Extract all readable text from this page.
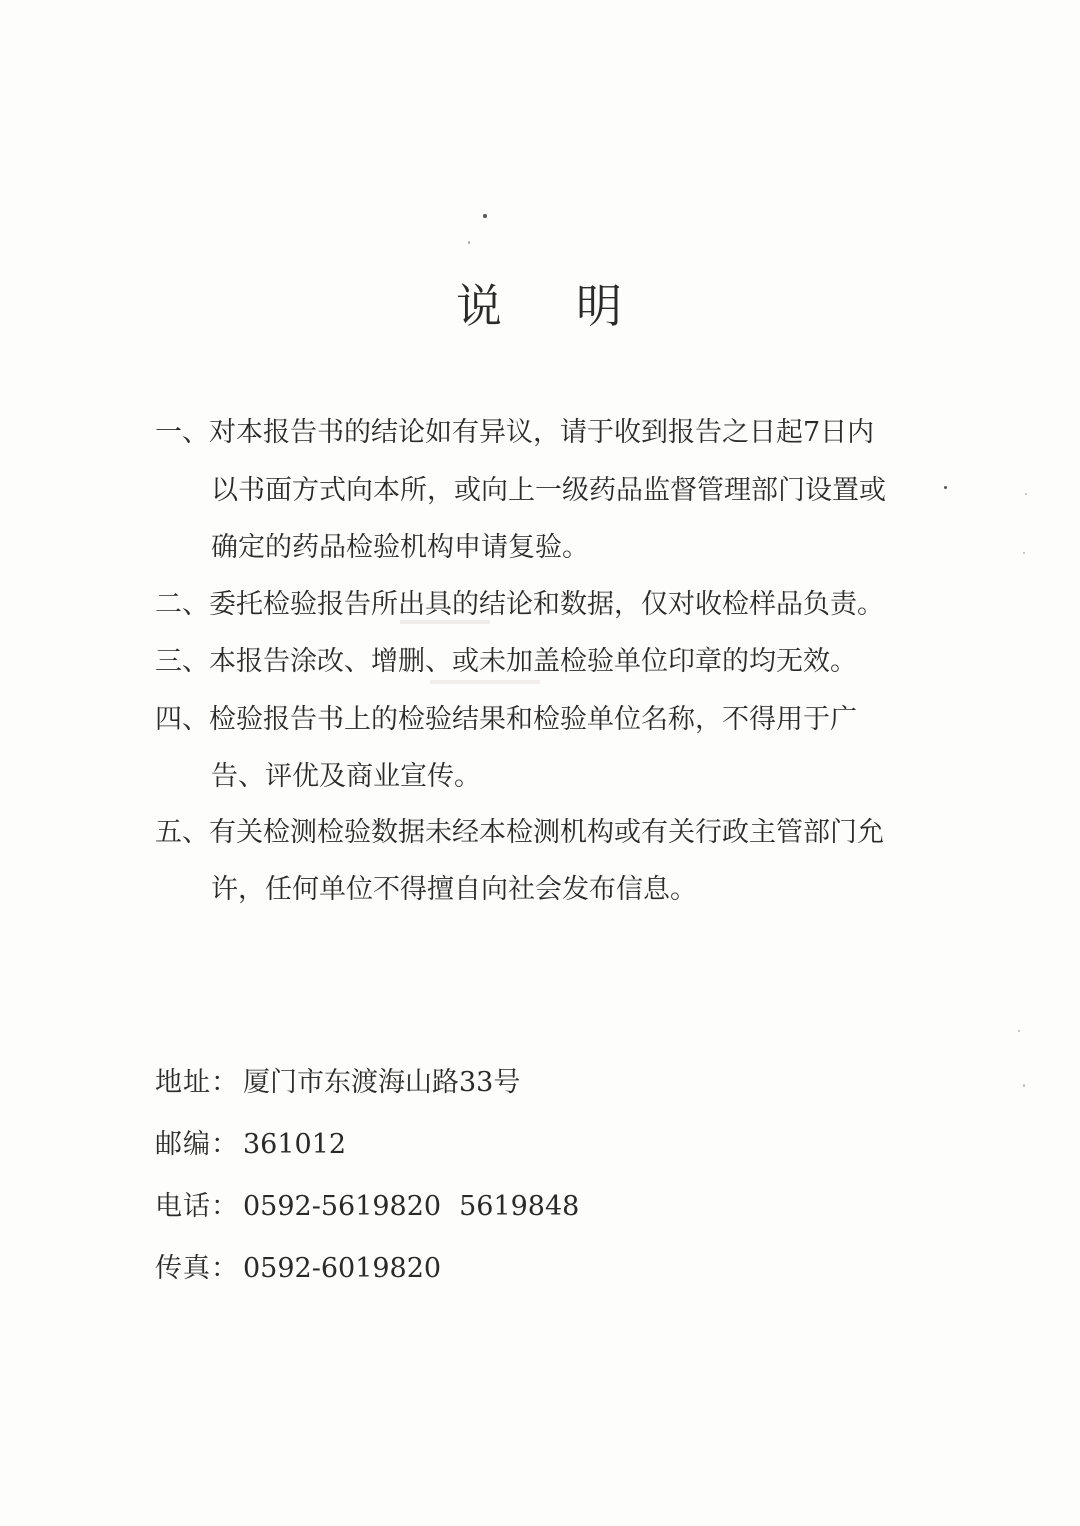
说 明
一、对本报告书的结论如有异议，请于收到报告之日起7日内
以书面方式向本所，或向上一级药品监督管理部门设置或
确定的药品检验机构申请复验。
二、委托检验报告所出具的结论和数据，仅对收检样品负责。
三、本报告涂改、增删、或未加盖检验单位印章的均无效。
四、检验报告书上的检验结果和检验单位名称，不得用于广
告、评优及商业宣传。
五、有关检测检验数据未经本检测机构或有关行政主管部门允
许，任何单位不得擅自向社会发布信息。
地址： 厦门市东渡海山路33号
邮编： 361012
电话： 0592-5619820 5619848
传真： 0592-6019820
